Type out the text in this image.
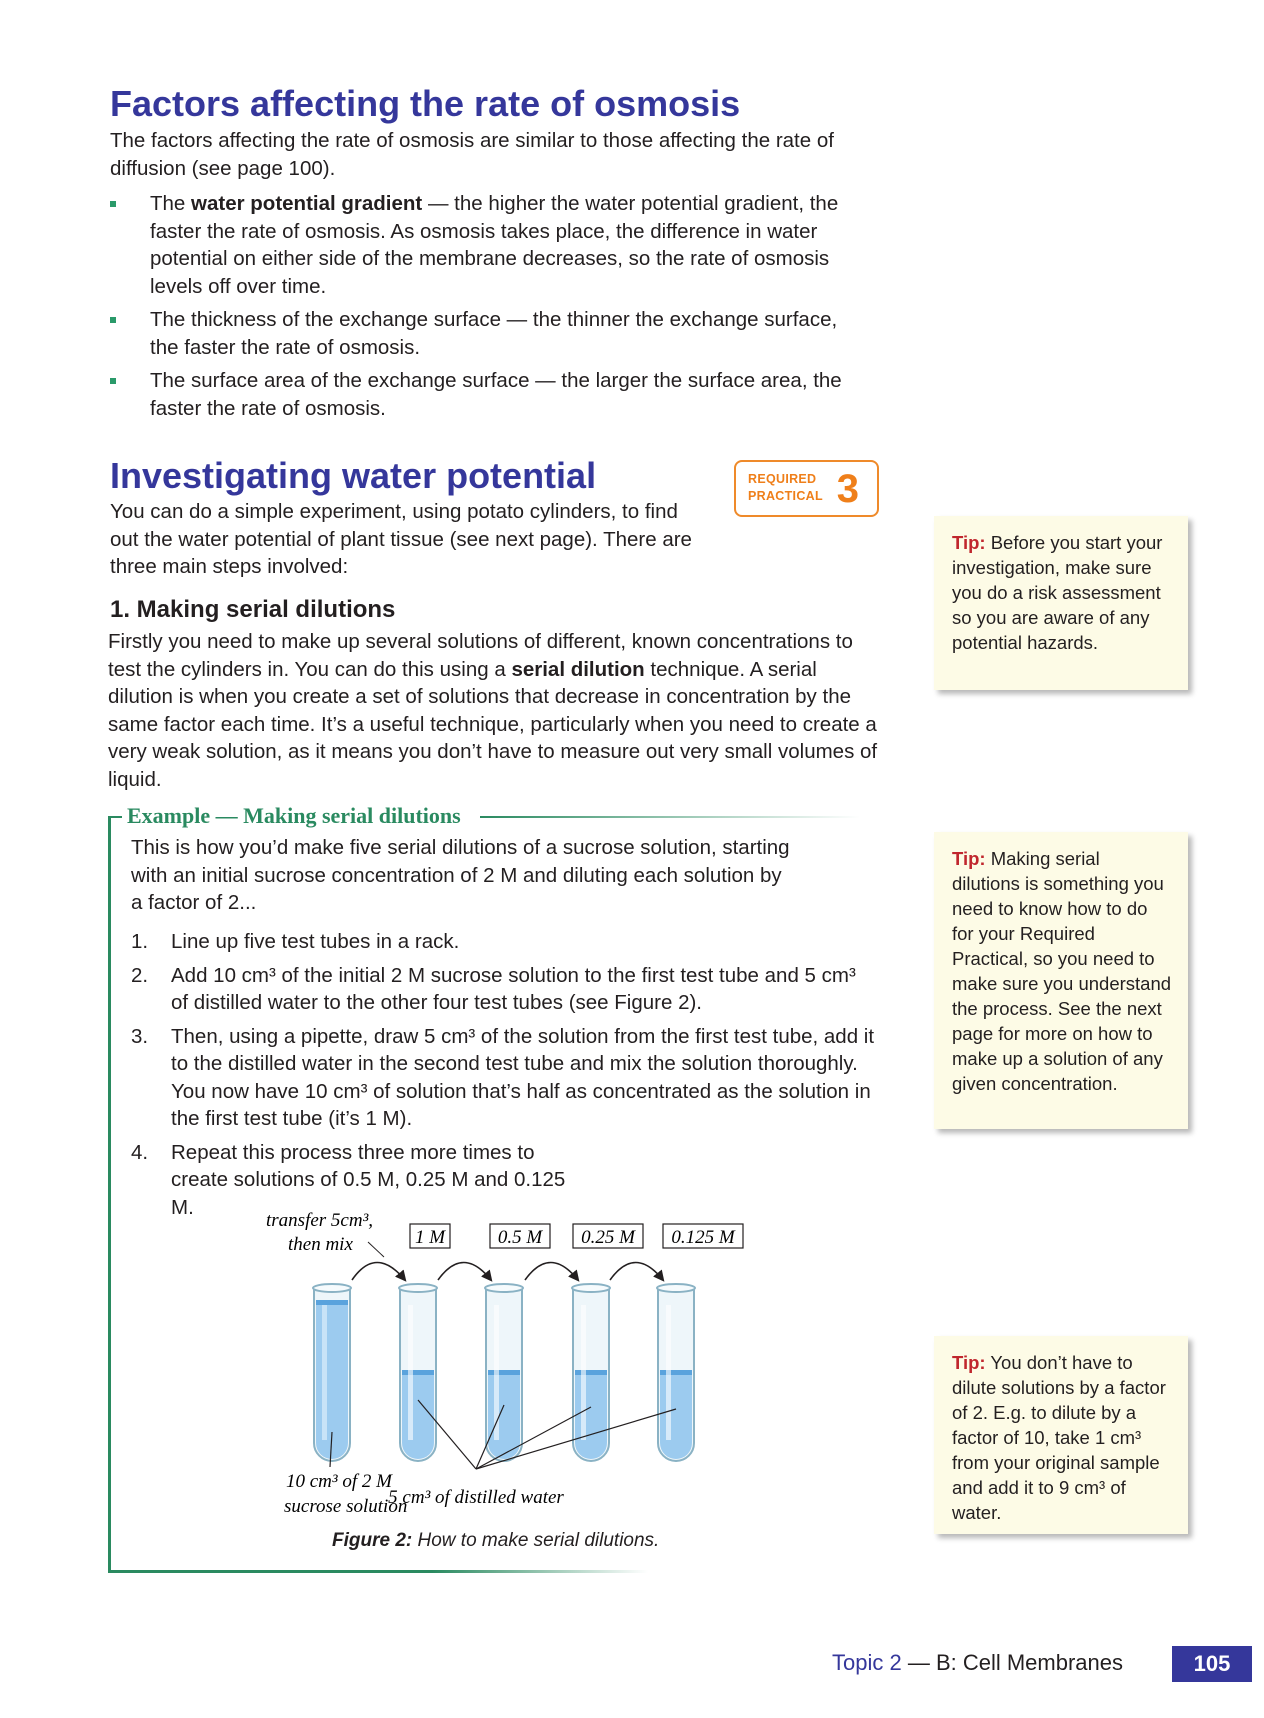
Factors affecting the rate of osmosis
The factors affecting the rate of osmosis are similar to those affecting the rate of diffusion (see page 100).
The water potential gradient — the higher the water potential gradient, the faster the rate of osmosis. As osmosis takes place, the difference in water potential on either side of the membrane decreases, so the rate of osmosis levels off over time.
The thickness of the exchange surface — the thinner the exchange surface, the faster the rate of osmosis.
The surface area of the exchange surface — the larger the surface area, the faster the rate of osmosis.
Investigating water potential	REQUIRED
PRACTICAL 3
You can do a simple experiment, using potato cylinders, to find out the water potential of plant tissue (see next page). There are three main steps involved:
1. Making serial dilutions
Firstly you need to make up several solutions of different, known concentrations to test the cylinders in. You can do this using a serial dilution technique. A serial dilution is when you create a set of solutions that decrease in concentration by the same factor each time. It’s a useful technique, particularly when you need to create a very weak solution, as it means you don’t have to measure out very small volumes of liquid.
Example — Making serial dilutions
This is how you’d make five serial dilutions of a sucrose solution, starting with an initial sucrose concentration of 2 M and diluting each solution by a factor of 2...
1. Line up five test tubes in a rack.
2. Add 10 cm³ of the initial 2 M sucrose solution to the first test tube and 5 cm³ of distilled water to the other four test tubes (see Figure 2).
3. Then, using a pipette, draw 5 cm³ of the solution from the first test tube, add it to the distilled water in the second test tube and mix the solution thoroughly. You now have 10 cm³ of solution that’s half as concentrated as the solution in the first test tube (it’s 1 M).
4. Repeat this process three more times to create solutions of 0.5 M, 0.25 M and 0.125 M.
transfer 5cm³,
then mix	1 M	0.5 M 0.25 M 0.125 M
10 cm³ of 2 M
sucrose solution
5 cm³ of distilled water
Figure 2: How to make serial dilutions.
Tip: Before you start your investigation, make sure you do a risk assessment so you are aware of any potential hazards.
Tip: Making serial dilutions is something you need to know how to do for your Required Practical, so you need to make sure you understand the process. See the next page for more on how to make up a solution of any given concentration.
Tip: You don’t have to dilute solutions by a factor of 2. E.g. to dilute by a factor of 10, take 1 cm³ from your original sample and add it to 9 cm³ of water.
Topic 2 — B: Cell Membranes	105
